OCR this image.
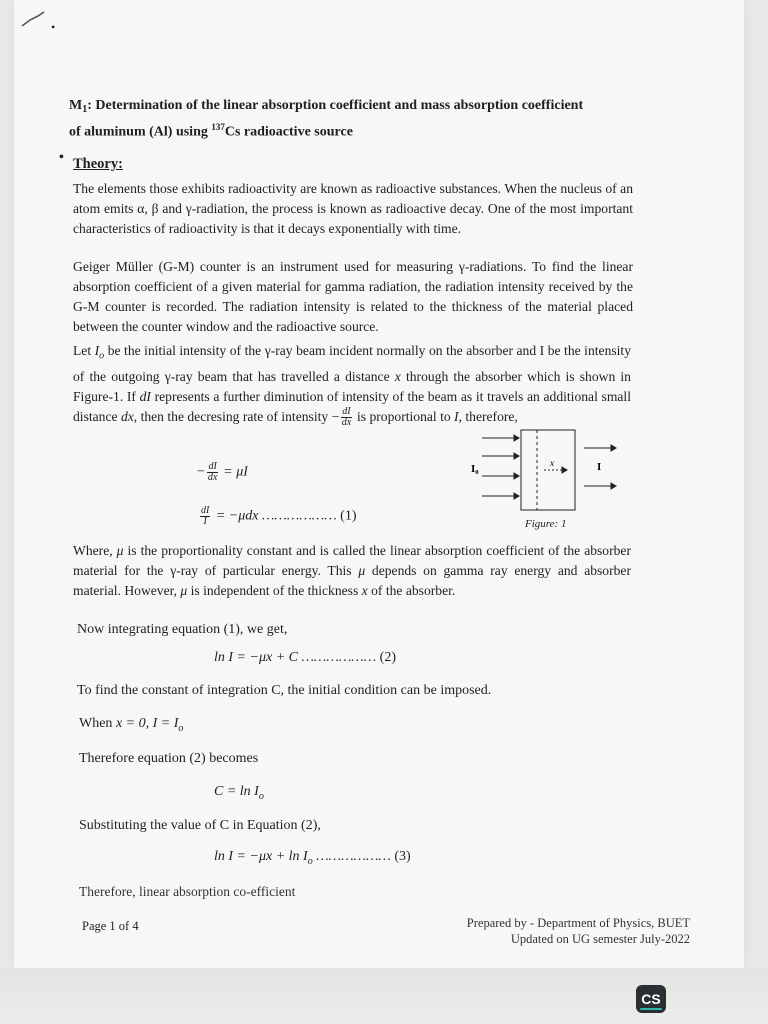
•
$M_1$: Determination of the linear absorption coefficient and mass absorption coefficient
of aluminum (Al) using $^{137}$Cs radioactive source
• Theory:
The elements those exhibits radioactivity are known as radioactive substances. When the nucleus of an atom emits α, β and γ-radiation, the process is known as radioactive decay. One of the most important characteristics of radioactivity is that it decays exponentially with time.
Geiger Müller (G-M) counter is an instrument used for measuring γ-radiations. To find the linear absorption coefficient of a given material for gamma radiation, the radiation intensity received by the G-M counter is recorded. The radiation intensity is related to the thickness of the material placed between the counter window and the radioactive source.
Let $I_o$ be the initial intensity of the γ-ray beam incident normally on the absorber and I be the intensity of the outgoing γ-ray beam that has travelled a distance x through the absorber which is shown in Figure-1. If dI represents a further diminution of intensity of the beam as it travels an additional small distance dx, then the decresing rate of intensity − $\frac{dI}{dx}$ is proportional to I, therefore,
− $\frac{dI}{dx} = \mu I$
$\frac{dI}{I} = -\mu dx$ ……………… (1)
I₀	I
x
Figure: 1
Where, μ is the proportionality constant and is called the linear absorption coefficient of the absorber material for the γ-ray of particular energy. This μ depends on gamma ray energy and absorber material. However, μ is independent of the thickness x of the absorber.
Now integrating equation (1), we get,
ln I = −μx + C ……………… (2)
To find the constant of integration C, the initial condition can be imposed.
When x = 0, $I = I_o$
Therefore equation (2) becomes
$C = \ln I_o$
Substituting the value of C in Equation (2),
$\ln I = -\mu x + \ln I_o$ ……………… (3)
Therefore, linear absorption co-efficient
Page 1 of 4	Prepared by - Department of Physics, BUET
Updated on UG semester July-2022
CS
